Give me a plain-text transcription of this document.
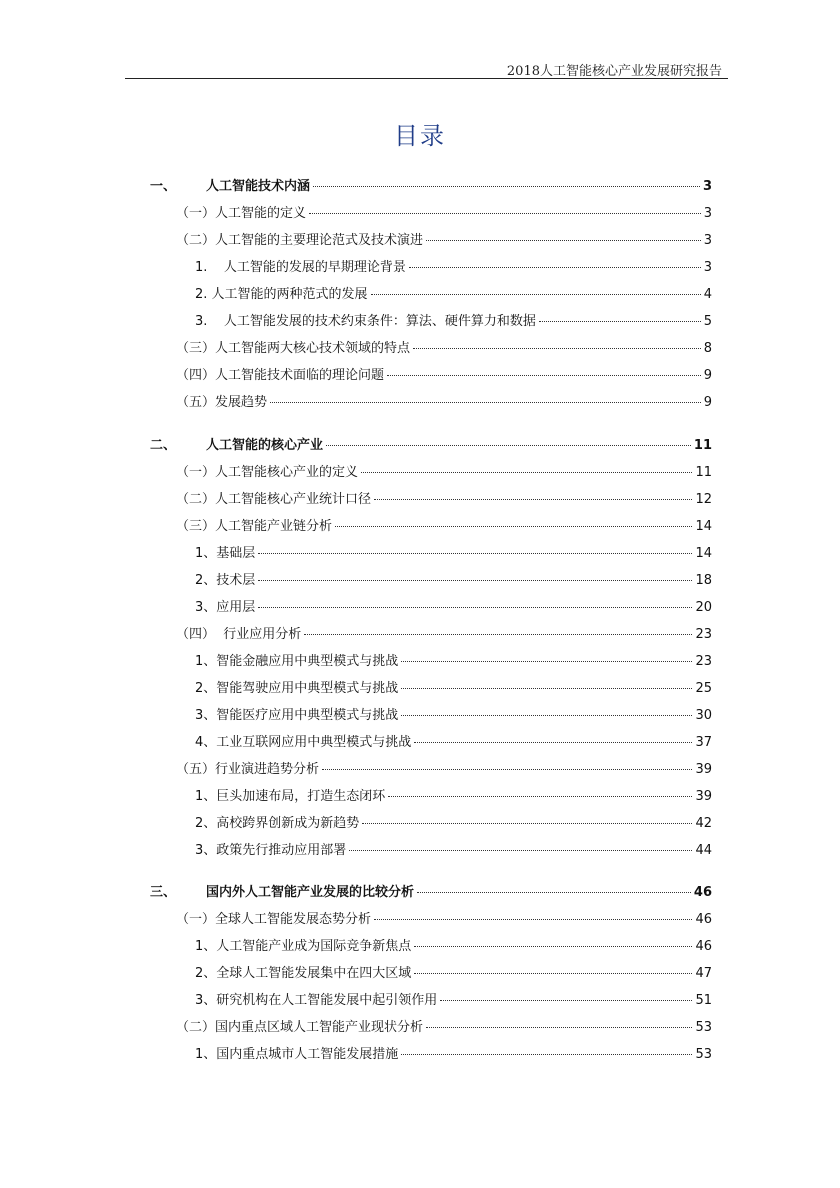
2018人工智能核心产业发展研究报告
目录
一、 人工智能技术内涵	3
（一）人工智能的定义	3
（二）人工智能的主要理论范式及技术演进	3
1.    人工智能的发展的早期理论背景	3
2. 人工智能的两种范式的发展	4
3.    人工智能发展的技术约束条件：算法、硬件算力和数据	5
（三）人工智能两大核心技术领域的特点	8
（四）人工智能技术面临的理论问题	9
（五）发展趋势	9
二、 人工智能的核心产业	11
（一）人工智能核心产业的定义	11
（二）人工智能核心产业统计口径	12
（三）人工智能产业链分析	14
1、基础层	14
2、技术层	18
3、应用层	20
（四）  行业应用分析	23
1、智能金融应用中典型模式与挑战	23
2、智能驾驶应用中典型模式与挑战	25
3、智能医疗应用中典型模式与挑战	30
4、工业互联网应用中典型模式与挑战	37
（五）行业演进趋势分析	39
1、巨头加速布局，打造生态闭环	39
2、高校跨界创新成为新趋势	42
3、政策先行推动应用部署	44
三、 国内外人工智能产业发展的比较分析	46
（一）全球人工智能发展态势分析	46
1、人工智能产业成为国际竞争新焦点	46
2、全球人工智能发展集中在四大区域	47
3、研究机构在人工智能发展中起引领作用	51
（二）国内重点区域人工智能产业现状分析	53
1、国内重点城市人工智能发展措施	53
